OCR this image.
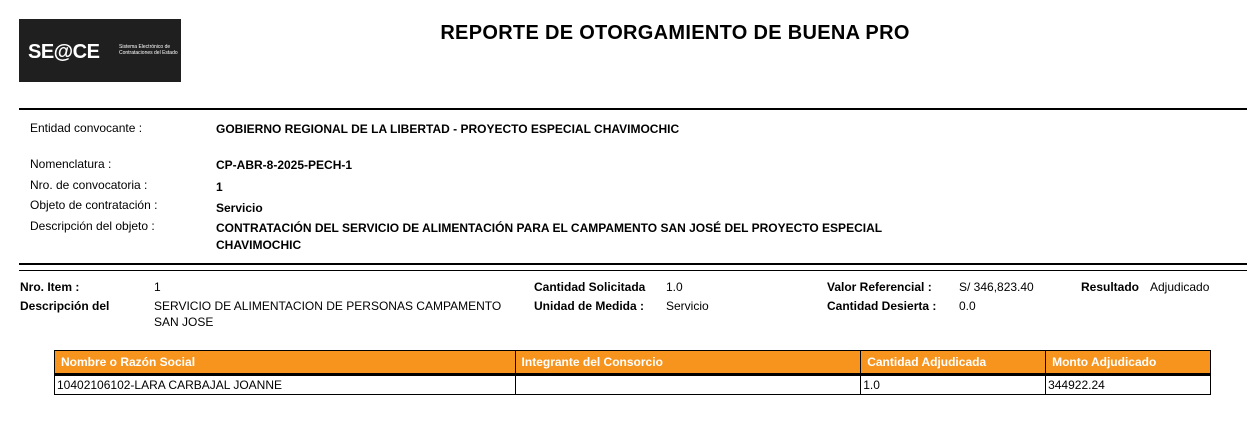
SE@CE	Sistema Electrónico de Contrataciones del Estado
REPORTE DE OTORGAMIENTO DE BUENA PRO
Entidad convocante :	GOBIERNO REGIONAL DE LA LIBERTAD - PROYECTO ESPECIAL CHAVIMOCHIC
Nomenclatura :	CP-ABR-8-2025-PECH-1
Nro. de convocatoria :	1
Objeto de contratación :	Servicio
Descripción del objeto :	CONTRATACIÓN DEL SERVICIO DE ALIMENTACIÓN PARA EL CAMPAMENTO SAN JOSÉ DEL PROYECTO ESPECIAL
CHAVIMOCHIC
Nro. Item :	1
Descripción del	SERVICIO DE ALIMENTACION DE PERSONAS CAMPAMENTO
SAN JOSE
Cantidad Solicitada 1.0
Unidad de Medida : Servicio
Valor Referencial : S/ 346,823.40
Cantidad Desierta : 0.0
Resultado Adjudicado
Nombre o Razón Social	Integrante del Consorcio	Cantidad Adjudicada	Monto Adjudicado
10402106102-LARA CARBAJAL JOANNE		1.0	344922.24
